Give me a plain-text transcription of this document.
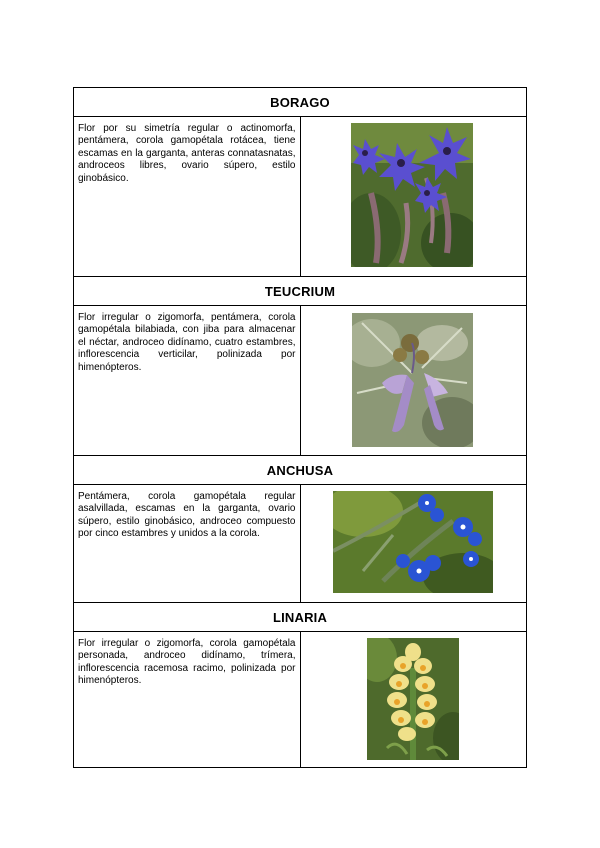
BORAGO	
Flor por su simetría regular o actinomorfa, pentámera, corola gamopétala rotácea, tiene escamas en la garganta, anteras connatasnatas, androceos libres, ovario súpero, estilo ginobásico.	

TEUCRIUM	
Flor irregular o zigomorfa, pentámera, corola gamopétala bilabiada, con jiba para almacenar el néctar, androceo didínamo, cuatro estambres, inflorescencia verticilar, polinizada por himenópteros.	

ANCHUSA	
Pentámera, corola gamopétala regular asalvillada, escamas en la garganta, ovario súpero, estilo ginobásico, androceo compuesto por cinco estambres y unidos a la corola.	

LINARIA	
Flor irregular o zigomorfa, corola gamopétala personada, androceo didínamo, trímera, inflorescencia racemosa racimo, polinizada por himenópteros.	
